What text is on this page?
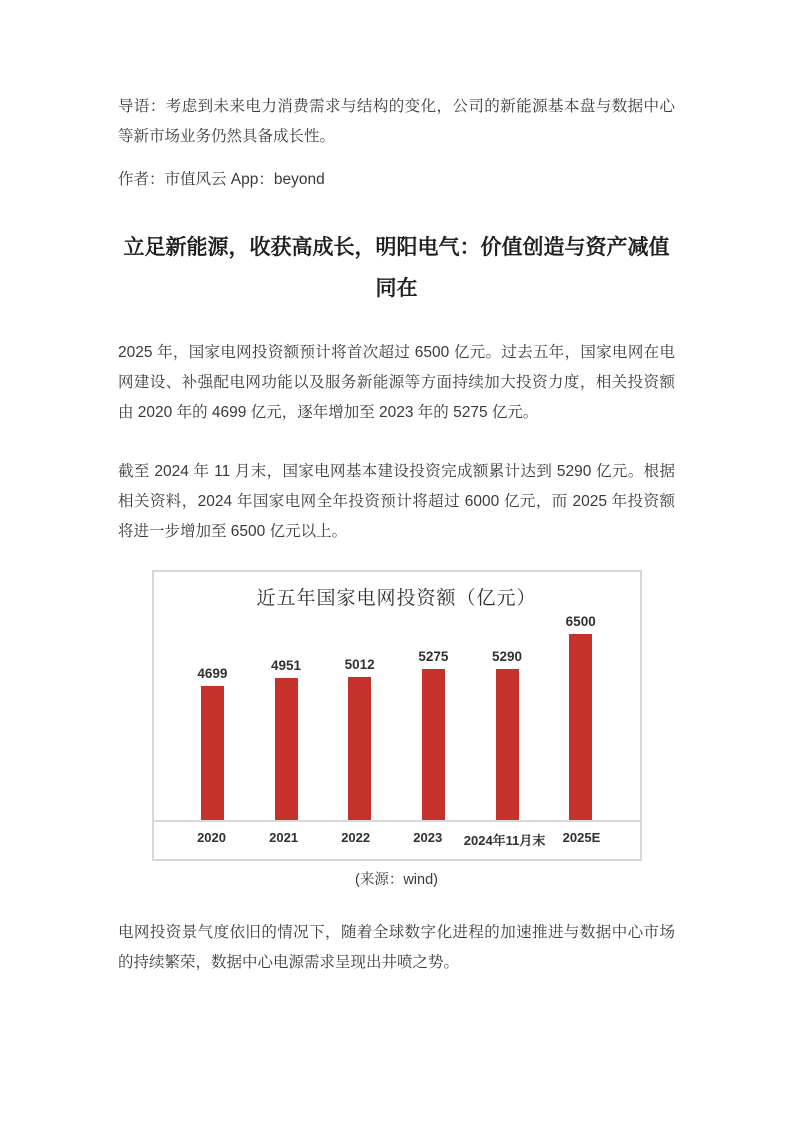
导语：考虑到未来电力消费需求与结构的变化，公司的新能源基本盘与数据中心等新市场业务仍然具备成长性。

作者：市值风云 App：beyond

立足新能源，收获高成长，明阳电气：价值创造与资产减值同在

2025 年，国家电网投资额预计将首次超过 6500 亿元。过去五年，国家电网在电网建设、补强配电网功能以及服务新能源等方面持续加大投资力度，相关投资额由 2020 年的 4699 亿元，逐年增加至 2023 年的 5275 亿元。

截至 2024 年 11 月末，国家电网基本建设投资完成额累计达到 5290 亿元。根据相关资料，2024 年国家电网全年投资预计将超过 6000 亿元，而 2025 年投资额将进一步增加至 6500 亿元以上。

近五年国家电网投资额（亿元）
4699
4951	5012
5275	5290
6500
2020	2021	2022	2023	2024年11月末	2025E
(来源：wind)

电网投资景气度依旧的情况下，随着全球数字化进程的加速推进与数据中心市场的持续繁荣，数据中心电源需求呈现出井喷之势。
